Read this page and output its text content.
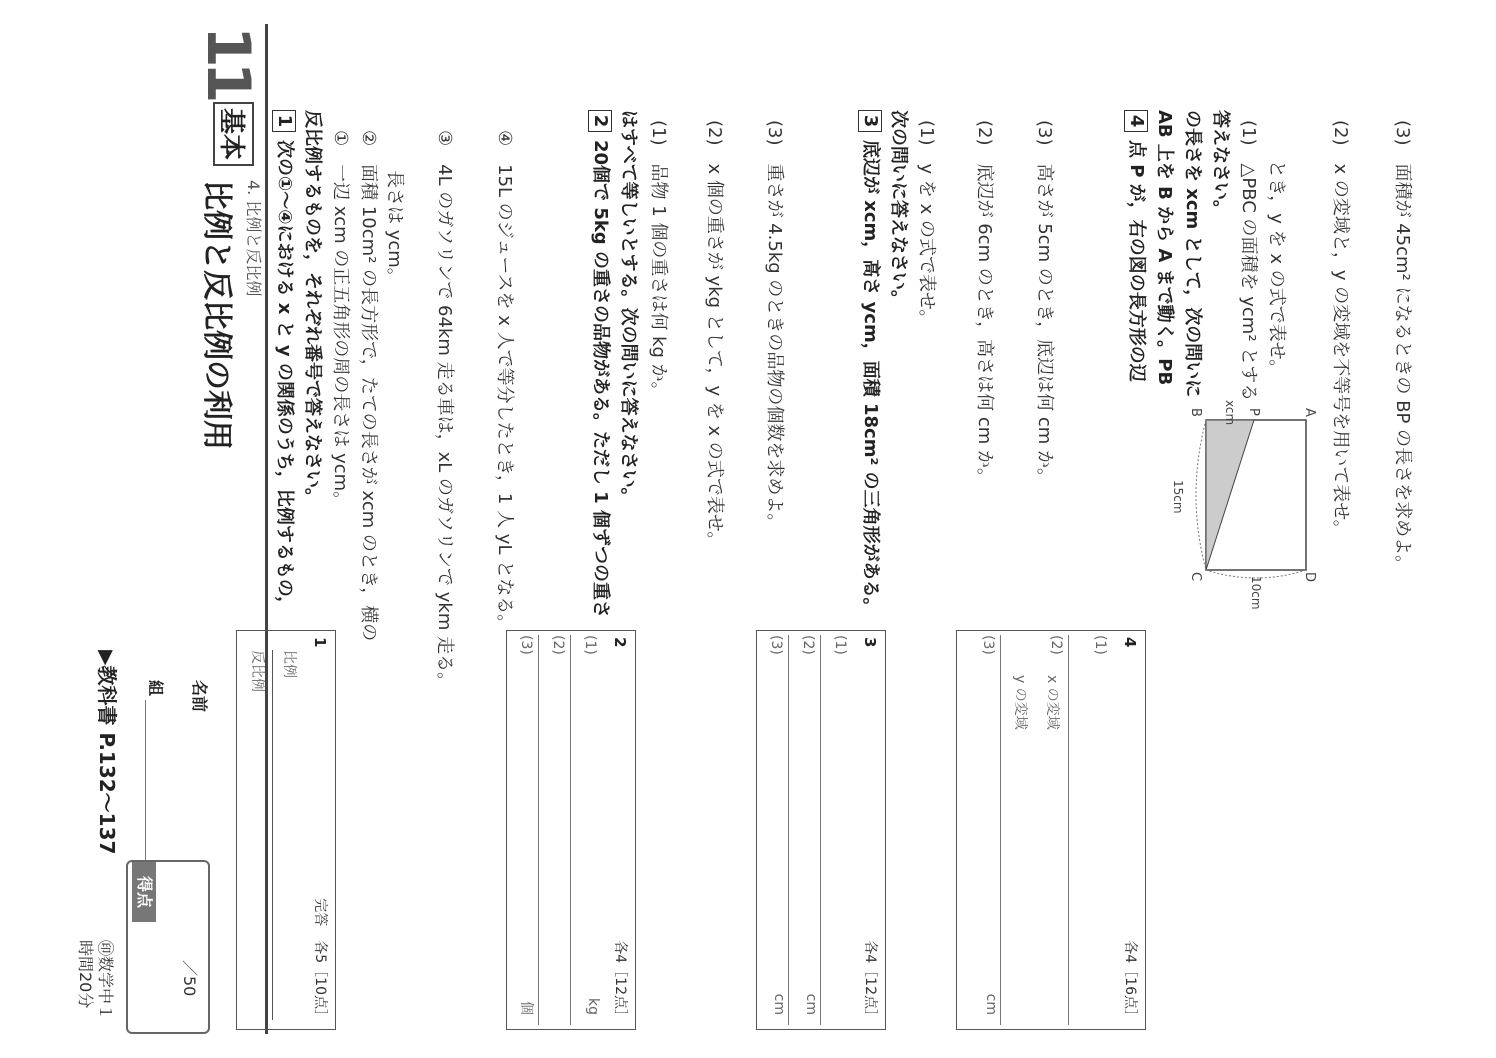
11
基本
4. 比例と反比例
比例と反比例の利用
▶教科書 P.132～137
㊞数学中１
時間20分
組 名前
得点
／50
1次の①～④における x と y の関係のうち，比例するもの， 反比例するものを，それぞれ番号で答えなさい。 ①　一辺 xcm の正五角形の周の長さは ycm。 ②　面積 10cm² の長方形で，たての長さが xcm のとき，横の 長さは ycm。 ③　4L のガソリンで 64km 走る車は，xL のガソリンで ykm 走る。 ④　15L のジュースを x 人で等分したとき，1 人 yL となる。
220個で 5kg の重さの品物がある。ただし 1 個ずつの重さ はすべて等しいとする。次の問いに答えなさい。 (1)　品物 1 個の重さは何 kg か。 (2)　x 個の重さが ykg として，y を x の式で表せ。 (3)　重さが 4.5kg のときの品物の個数を求めよ。	3底辺が xcm，高さ ycm，面積 18cm² の三角形がある。 次の問いに答えなさい。 (1)　y を x の式で表せ。 (2)　底辺が 6cm のとき，高さは何 cm か。 (3)　高さが 5cm のとき，底辺は何 cm か。	4点 P が，右の図の長方形の辺 AB 上を B から A まで動く。PB の長さを xcm として，次の問いに 答えなさい。 (1)　△PBC の面積を ycm² とする とき，y を x の式で表せ。 (2)　x の変域と，y の変域を不等号を用いて表せ。 (3)　面積が 45cm² になるときの BP の長さを求めよ。
A
B
C	D
P
xcm
15cm
10cm
1
完答　各5［10点］
比例
反比例
2
各4［12点］
(1)
kg
(2)
(3)
個
3
各4［12点］
(1)
(2)
cm
(3)
cm
4
各4［16点］
(1)
(2)
x の変域
y の変域
(3)
cm
